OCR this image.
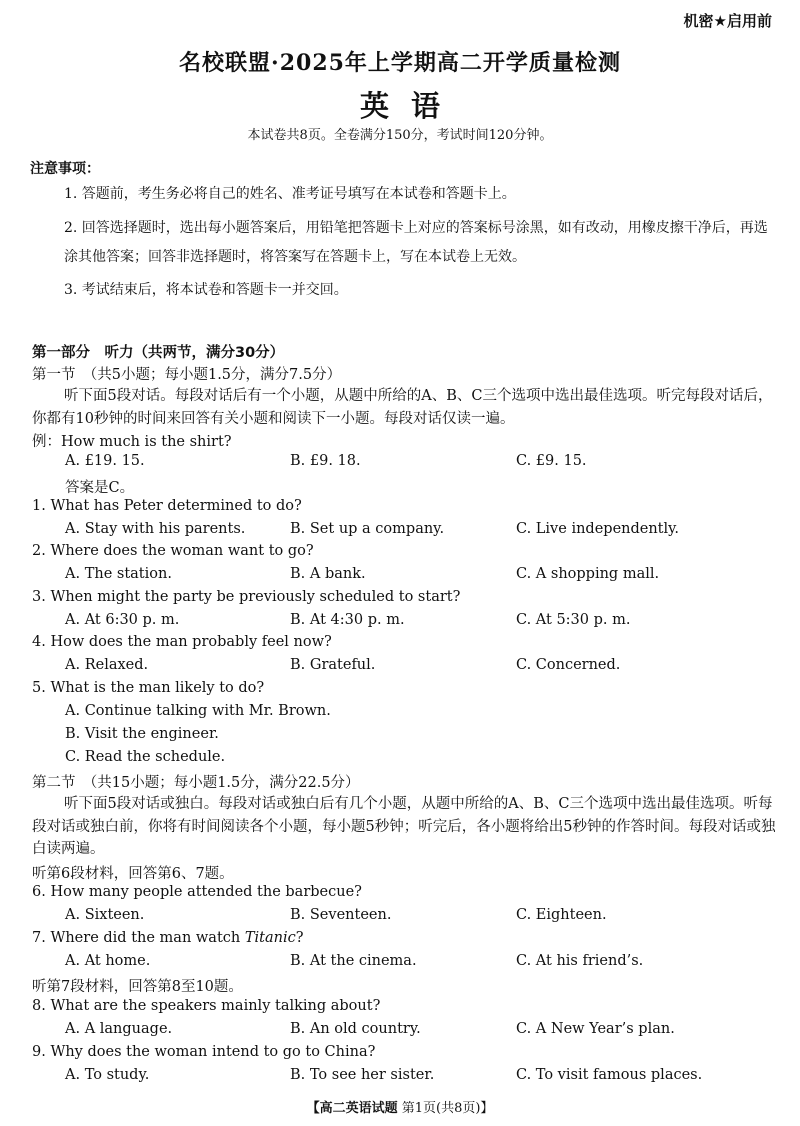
机密★启用前
名校联盟·2025年上学期高二开学质量检测
英语
本试卷共8页。全卷满分150分，考试时间120分钟。
注意事项：
1. 答题前，考生务必将自己的姓名、准考证号填写在本试卷和答题卡上。
2. 回答选择题时，选出每小题答案后，用铅笔把答题卡上对应的答案标号涂黑，如有改动，用橡皮擦干净后，再选涂其他答案；回答非选择题时，将答案写在答题卡上，写在本试卷上无效。
3. 考试结束后，将本试卷和答题卡一并交回。
第一部分　听力（共两节，满分30分）
第一节　（共5小题；每小题1.5分，满分7.5分）
听下面5段对话。每段对话后有一个小题，从题中所给的A、B、C三个选项中选出最佳选项。听完每段对话后，你都有10秒钟的时间来回答有关小题和阅读下一小题。每段对话仅读一遍。
例：How much is the shirt?
A. £19. 15.	B. £9. 18.	C. £9. 15.
答案是C。
1. What has Peter determined to do?
A. Stay with his parents.	B. Set up a company.	C. Live independently.
2. Where does the woman want to go?
A. The station.	B. A bank.	C. A shopping mall.
3. When might the party be previously scheduled to start?
A. At 6:30 p. m.	B. At 4:30 p. m.	C. At 5:30 p. m.
4. How does the man probably feel now?
A. Relaxed.	B. Grateful.	C. Concerned.
5. What is the man likely to do?
A. Continue talking with Mr. Brown.
B. Visit the engineer.
C. Read the schedule.
第二节　（共15小题；每小题1.5分，满分22.5分）
听下面5段对话或独白。每段对话或独白后有几个小题，从题中所给的A、B、C三个选项中选出最佳选项。听每段对话或独白前，你将有时间阅读各个小题，每小题5秒钟；听完后，各小题将给出5秒钟的作答时间。每段对话或独白读两遍。
听第6段材料，回答第6、7题。
6. How many people attended the barbecue?
A. Sixteen.	B. Seventeen.	C. Eighteen.
7. Where did the man watch Titanic?
A. At home.	B. At the cinema.	C. At his friend’s.
听第7段材料，回答第8至10题。
8. What are the speakers mainly talking about?
A. A language.	B. An old country.	C. A New Year’s plan.
9. Why does the woman intend to go to China?
A. To study.	B. To see her sister.	C. To visit famous places.
【高二英语试题 第1页(共8页)】
